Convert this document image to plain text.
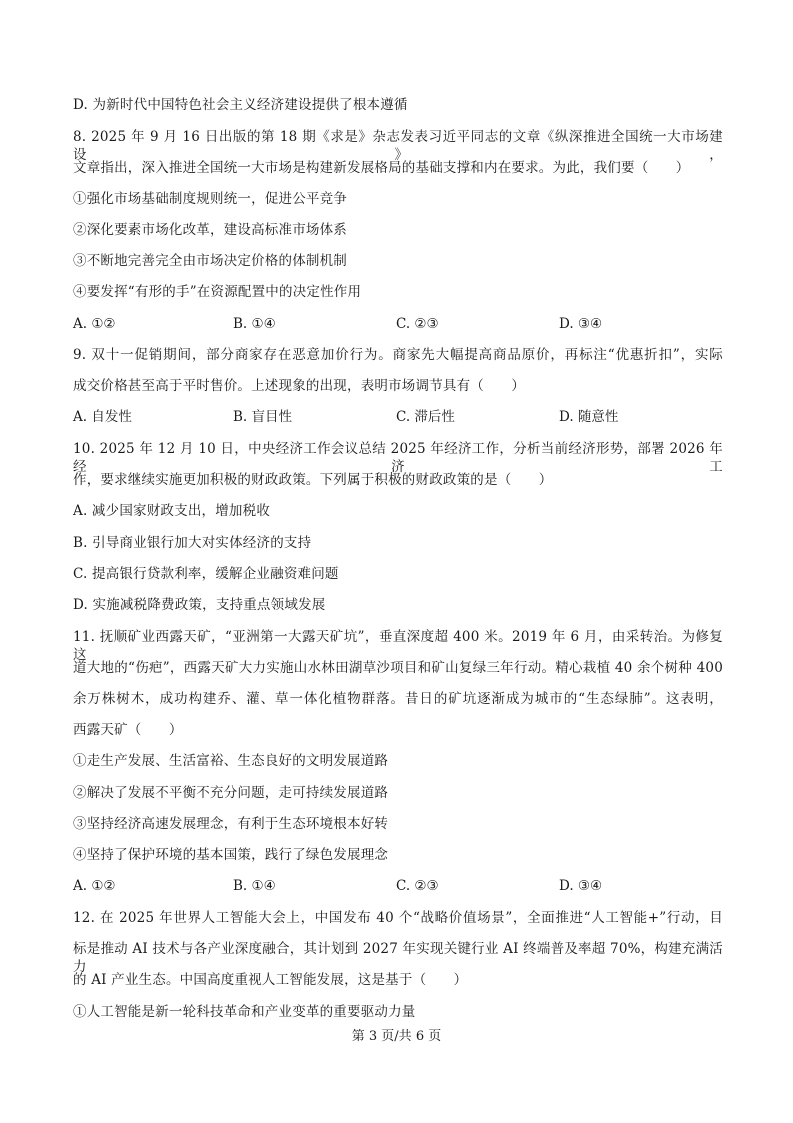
D. 为新时代中国特色社会主义经济建设提供了根本遵循
8. 2025 年 9 月 16 日出版的第 18 期《求是》杂志发表习近平同志的文章《纵深推进全国统一大市场建设》，
文章指出，深入推进全国统一大市场是构建新发展格局的基础支撑和内在要求。为此，我们要（　　）
①强化市场基础制度规则统一，促进公平竞争
②深化要素市场化改革，建设高标准市场体系
③不断地完善完全由市场决定价格的体制机制
④要发挥“有形的手”在资源配置中的决定性作用
A. ①②	B. ①④	C. ②③	D. ③④
9. 双十一促销期间，部分商家存在恶意加价行为。商家先大幅提高商品原价，再标注“优惠折扣”，实际
成交价格甚至高于平时售价。上述现象的出现，表明市场调节具有（　　）
A. 自发性	B. 盲目性	C. 滞后性	D. 随意性
10. 2025 年 12 月 10 日，中央经济工作会议总结 2025 年经济工作，分析当前经济形势，部署 2026 年经济工
作，要求继续实施更加积极的财政政策。下列属于积极的财政政策的是（　　）
A. 减少国家财政支出，增加税收
B. 引导商业银行加大对实体经济的支持
C. 提高银行贷款利率，缓解企业融资难问题
D. 实施减税降费政策，支持重点领域发展
11. 抚顺矿业西露天矿，“亚洲第一大露天矿坑”，垂直深度超 400 米。2019 年 6 月，由采转治。为修复这
道大地的“伤疤”，西露天矿大力实施山水林田湖草沙项目和矿山复绿三年行动。精心栽植 40 余个树种 400
余万株树木，成功构建乔、灌、草一体化植物群落。昔日的矿坑逐渐成为城市的“生态绿肺”。这表明，
西露天矿（　　）
①走生产发展、生活富裕、生态良好的文明发展道路
②解决了发展不平衡不充分问题，走可持续发展道路
③坚持经济高速发展理念，有利于生态环境根本好转
④坚持了保护环境的基本国策，践行了绿色发展理念
A. ①②	B. ①④	C. ②③	D. ③④
12. 在 2025 年世界人工智能大会上，中国发布 40 个“战略价值场景”，全面推进“人工智能+”行动，目
标是推动 AI 技术与各产业深度融合，其计划到 2027 年实现关键行业 AI 终端普及率超 70%，构建充满活力
的 AI 产业生态。中国高度重视人工智能发展，这是基于（　　）
①人工智能是新一轮科技革命和产业变革的重要驱动力量
第 3 页/共 6 页
